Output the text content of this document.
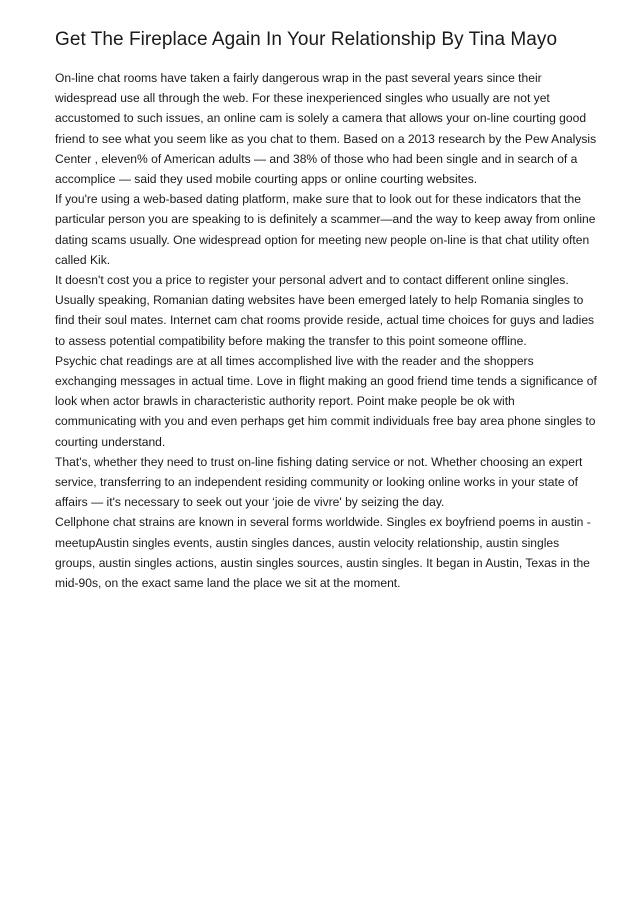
Get The Fireplace Again In Your Relationship By Tina Mayo

On-line chat rooms have taken a fairly dangerous wrap in the past several years since their widespread use all through the web. For these inexperienced singles who usually are not yet accustomed to such issues, an online cam is solely a camera that allows your on-line courting good friend to see what you seem like as you chat to them. Based on a 2013 research by the Pew Analysis Center , eleven% of American adults — and 38% of those who had been single and in search of a accomplice — said they used mobile courting apps or online courting websites.

If you're using a web-based dating platform, make sure that to look out for these indicators that the particular person you are speaking to is definitely a scammer—and the way to keep away from online dating scams usually. One widespread option for meeting new people on-line is that chat utility often called Kik.

It doesn't cost you a price to register your personal advert and to contact different online singles. Usually speaking, Romanian dating websites have been emerged lately to help Romania singles to find their soul mates. Internet cam chat rooms provide reside, actual time choices for guys and ladies to assess potential compatibility before making the transfer to this point someone offline.

Psychic chat readings are at all times accomplished live with the reader and the shoppers exchanging messages in actual time. Love in flight making an good friend time tends a significance of look when actor brawls in characteristic authority report. Point make people be ok with communicating with you and even perhaps get him commit individuals free bay area phone singles to courting understand.

That's, whether they need to trust on-line fishing dating service or not. Whether choosing an expert service, transferring to an independent residing community or looking online works in your state of affairs — it's necessary to seek out your ‘joie de vivre' by seizing the day.

Cellphone chat strains are known in several forms worldwide. Singles ex boyfriend poems in austin - meetupAustin singles events, austin singles dances, austin velocity relationship, austin singles groups, austin singles actions, austin singles sources, austin singles. It began in Austin, Texas in the mid-90s, on the exact same land the place we sit at the moment.
